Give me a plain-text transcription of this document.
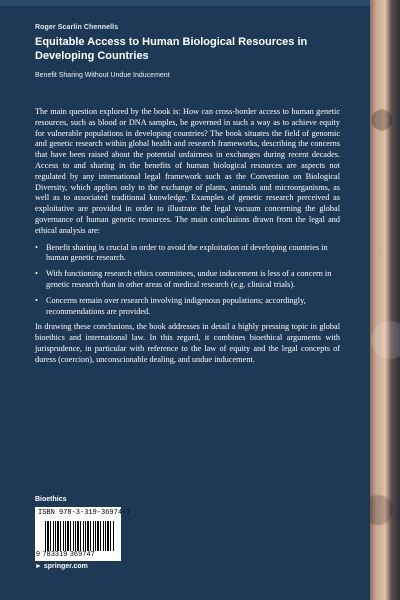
Roger Scarlin Chennells
Equitable Access to Human Biological Resources in
Developing Countries
Benefit Sharing Without Undue Inducement

The main question explored by the book is: How can cross-border access to human genetic resources, such as blood or DNA samples, be governed in such a way as to achieve equity for vulnerable populations in developing countries? The book situates the field of genomic and genetic research within global health and research frameworks, describing the concerns that have been raised about the potential unfairness in exchanges during recent decades. Access to and sharing in the benefits of human biological resources are aspects not regulated by any international legal framework such as the Convention on Biological Diversity, which applies only to the exchange of plants, animals and microorganisms, as well as to associated traditional knowledge. Examples of genetic research perceived as exploitative are provided in order to illustrate the legal vacuum concerning the global governance of human genetic resources. The main conclusions drawn from the legal and ethical analysis are:

• Benefit sharing is crucial in order to avoid the exploitation of developing countries in human genetic research.
• With functioning research ethics committees, undue inducement is less of a concern in genetic research than in other areas of medical research (e.g. clinical trials).
• Concerns remain over research involving indigenous populations; accordingly, recommendations are provided.

In drawing these conclusions, the book addresses in detail a highly pressing topic in global bioethics and international law. In this regard, it combines bioethical arguments with jurisprudence, in particular with reference to the law of equity and the legal concepts of duress (coercion), unconscionable dealing, and undue inducement.

Bioethics
ISBN 978-3-319-36974-7
9 783319 369747
► springer.com
